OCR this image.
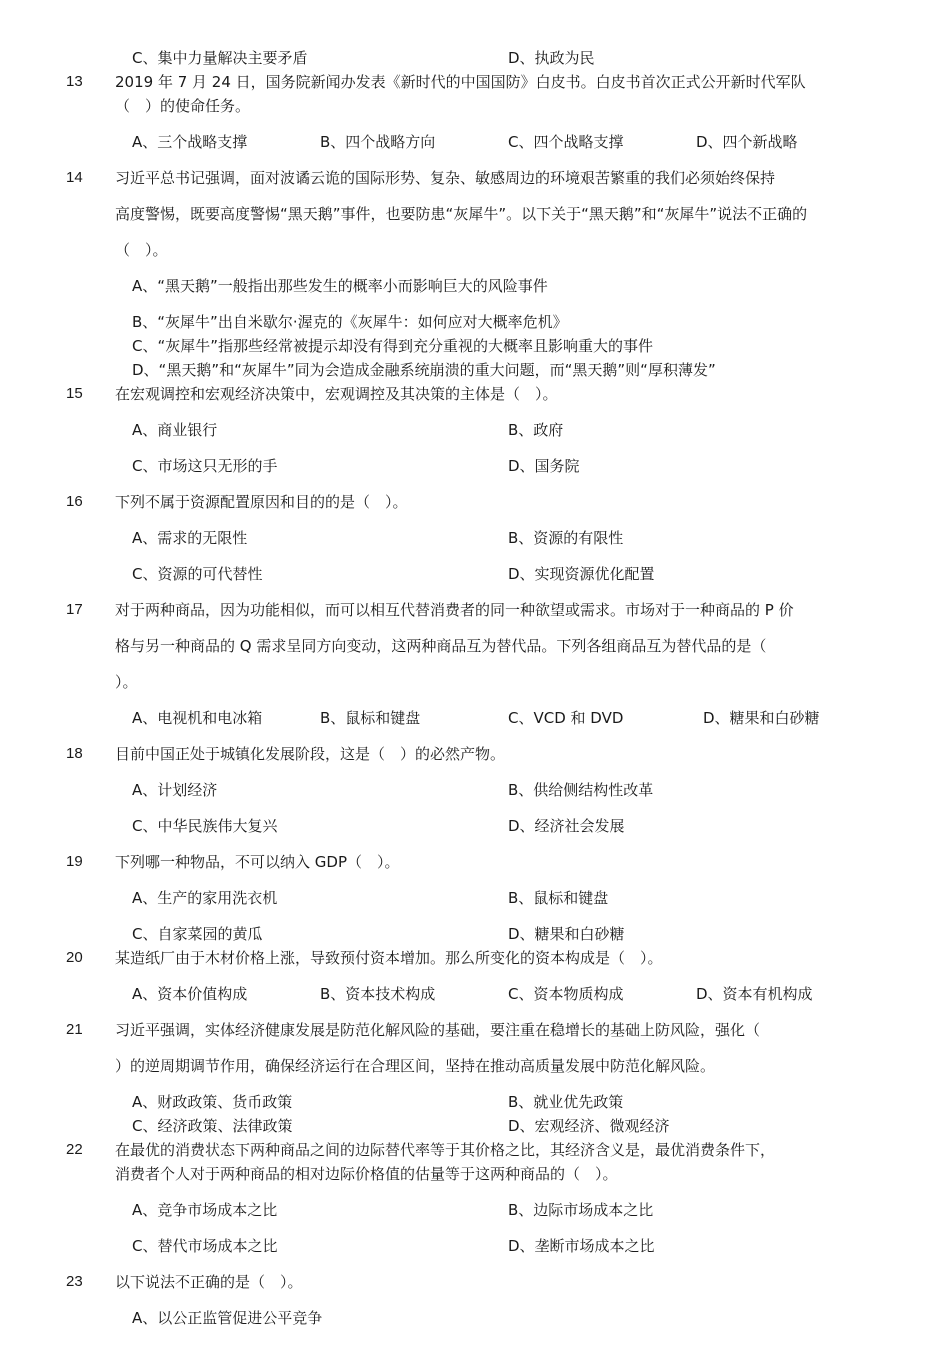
C、集中力量解决主要矛盾	D、执政为民
13	2019 年 7 月 24 日，国务院新闻办发表《新时代的中国国防》白皮书。白皮书首次正式公开新时代军队
（　）的使命任务。
A、三个战略支撑	B、四个战略方向	C、四个战略支撑	D、四个新战略
14	习近平总书记强调，面对波谲云诡的国际形势、复杂、敏感周边的环境艰苦繁重的我们必须始终保持
高度警惕，既要高度警惕“黑天鹅”事件，也要防患“灰犀牛”。以下关于“黑天鹅”和“灰犀牛”说法不正确的
（　）。
A、“黑天鹅”一般指出那些发生的概率小而影响巨大的风险事件
B、“灰犀牛”出自米歇尔·渥克的《灰犀牛：如何应对大概率危机》
C、“灰犀牛”指那些经常被提示却没有得到充分重视的大概率且影响重大的事件
D、“黑天鹅”和“灰犀牛”同为会造成金融系统崩溃的重大问题，而“黑天鹅”则“厚积薄发”
15	在宏观调控和宏观经济决策中，宏观调控及其决策的主体是（　）。
A、商业银行	B、政府
C、市场这只无形的手	D、国务院
16	下列不属于资源配置原因和目的的是（　）。
A、需求的无限性	B、资源的有限性
C、资源的可代替性	D、实现资源优化配置
17	对于两种商品，因为功能相似，而可以相互代替消费者的同一种欲望或需求。市场对于一种商品的 P 价
格与另一种商品的 Q 需求呈同方向变动，这两种商品互为替代品。下列各组商品互为替代品的是（
）。
A、电视机和电冰箱	B、鼠标和键盘	C、VCD 和 DVD	D、糖果和白砂糖
18	目前中国正处于城镇化发展阶段，这是（　）的必然产物。
A、计划经济	B、供给侧结构性改革
C、中华民族伟大复兴	D、经济社会发展
19	下列哪一种物品，不可以纳入 GDP（　）。
A、生产的家用洗衣机	B、鼠标和键盘
C、自家菜园的黄瓜	D、糖果和白砂糖
20	某造纸厂由于木材价格上涨，导致预付资本增加。那么所变化的资本构成是（　）。
A、资本价值构成	B、资本技术构成	C、资本物质构成	D、资本有机构成
21	习近平强调，实体经济健康发展是防范化解风险的基础，要注重在稳增长的基础上防风险，强化（
）的逆周期调节作用，确保经济运行在合理区间，坚持在推动高质量发展中防范化解风险。
A、财政政策、货币政策	B、就业优先政策
C、经济政策、法律政策	D、宏观经济、微观经济
22	在最优的消费状态下两种商品之间的边际替代率等于其价格之比，其经济含义是，最优消费条件下，
消费者个人对于两种商品的相对边际价格值的估量等于这两种商品的（　）。
A、竞争市场成本之比	B、边际市场成本之比
C、替代市场成本之比	D、垄断市场成本之比
23	以下说法不正确的是（　）。
A、以公正监管促进公平竞争
